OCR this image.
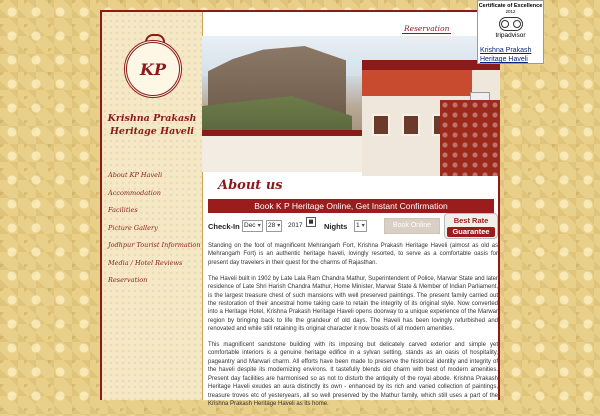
KP
Krishna Prakash
Heritage Haveli
About KP Haveli
Accommodation
Facilities
Picture Gallery
Jodhpur Tourist Information
Media / Hotel Reviews
Reservation
Reservation
About us
Book K P Heritage Online, Get Instant Confirmation
Check-In Dec ▾	28 ▾	2017	▦	Nights	1 ▾	Book Online
Best Rate
Guarantee

Standing on the foot of magnificent Mehrangarh Fort, Krishna Prakash Heritage Haveli (almost as old as Mehrangarh Fort) is an authentic heritage haveli, lovingly resorted, to serve as a comfortable oasis for present day travelers in their quest for the charms of Rajasthan.

The Haveli built in 1902 by Late Lala Ram Chandra Mathur, Superintendent of Police, Marwar State and later residence of Late Shri Harish Chandra Mathur, Home Minister, Marwar State & Member of Indian Parliament, is the largest treasure chest of such mansions with well preserved paintings. The present family carried out the restoration of their ancestral home taking care to retain the integrity of its original style. Now converted into a Heritage Hotel, Krishna Prakash Heritage Haveli opens doorway to a unique experience of the Marwar region by bringing back to life the grandeur of old days. The Haveli has been lovingly refurbished and renovated and while still retaining its original character it now boasts of all modern amenities.

This magnificent sandstone building with its imposing but delicately carved exterior and simple yet comfortable interiors is a genuine heritage edifice in a sylvan setting, stands as an oasis of hospitality, pageantry and Marwari charm. All efforts have been made to preserve the historical identity and integrity of the haveli despite its modernizing environs. It tastefully blends old charm with best of modern amenities. Present day facilities are harmonised so as not to disturb the antiquity of the royal abode. Krishna Prakash Heritage Haveli exudes an aura distinctly its own - enhanced by its rich and varied collection of paintings, treasure troves etc of yesteryears, all so well preserved by the Mathur family, which still uses a part of the Krishna Prakash Heritage Haveli as its home.

Certificate of Excellence
2012
tripadvisor
Krishna Prakash
Heritage Haveli
